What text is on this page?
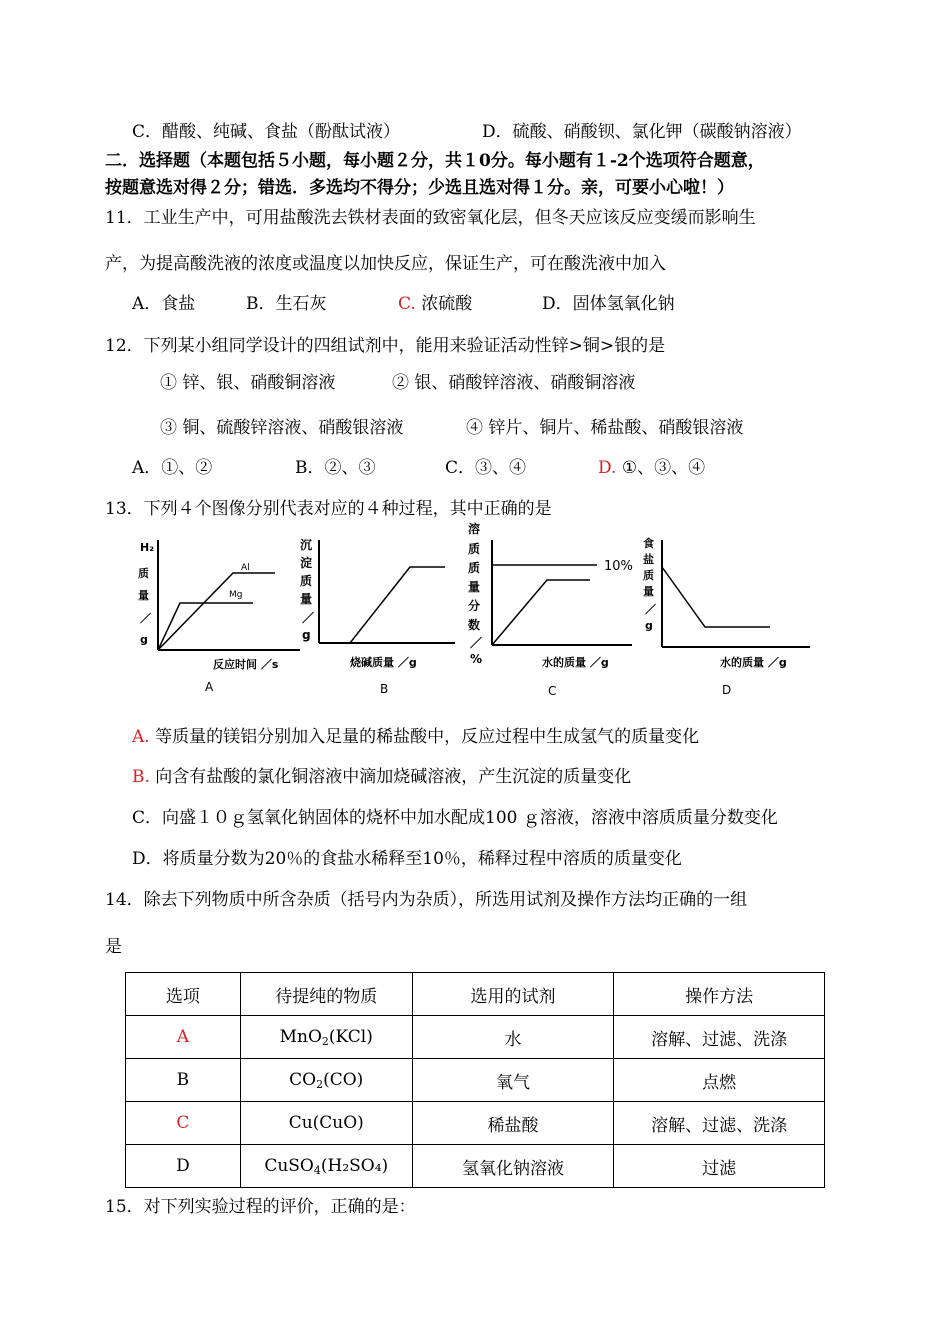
C．醋酸、纯碱、食盐（酚酞试液）	D．硫酸、硝酸钡、氯化钾（碳酸钠溶液）
二．选择题（本题包括５小题，每小题２分，共１0分。每小题有１-2个选项符合题意，
按题意选对得２分；错选．多选均不得分；少选且选对得１分。亲，可要小心啦！）
11．工业生产中，可用盐酸洗去铁材表面的致密氧化层，但冬天应该反应变缓而影响生
产，为提高酸洗液的浓度或温度以加快反应，保证生产，可在酸洗液中加入
A．食盐	B．生石灰	C. 浓硫酸	D．固体氢氧化钠
12．下列某小组同学设计的四组试剂中，能用来验证活动性锌>铜>银的是
① 锌、银、硝酸铜溶液	② 银、硝酸锌溶液、硝酸铜溶液
③ 铜、硫酸锌溶液、硝酸银溶液	④ 锌片、铜片、稀盐酸、硝酸银溶液
A．①、②	B．②、③	C．③、④	D. ①、③、④
13．下列４个图像分别代表对应的４种过程，其中正确的是
H₂
质
量
／
g
Al
Mg
反应时间 ／s
A
沉
淀
质
量
／
g
烧碱质量 ／g
B
溶
质
质
量
分
数
／
%
10%
水的质量 ／g
C
食
盐
质
量
／
g
水的质量 ／g
D
A. 等质量的镁铝分别加入足量的稀盐酸中，反应过程中生成氢气的质量变化
B. 向含有盐酸的氯化铜溶液中滴加烧碱溶液，产生沉淀的质量变化
C．向盛１０ｇ氢氧化钠固体的烧杯中加水配成100 ｇ溶液，溶液中溶质质量分数变化
D．将质量分数为20％的食盐水稀释至10％，稀释过程中溶质的质量变化
14．除去下列物质中所含杂质（括号内为杂质），所选用试剂及操作方法均正确的一组
是
选项	待提纯的物质	选用的试剂	操作方法
A	MnO$_2$(KCl)	水	溶解、过滤、洗涤
B	$CO_2(CO)$	氧气	点燃
C	Cu(CuO)	稀盐酸	溶解、过滤、洗涤
D	CuSO$_4$(H₂SO₄)	氢氧化钠溶液	过滤
15．对下列实验过程的评价，正确的是：
